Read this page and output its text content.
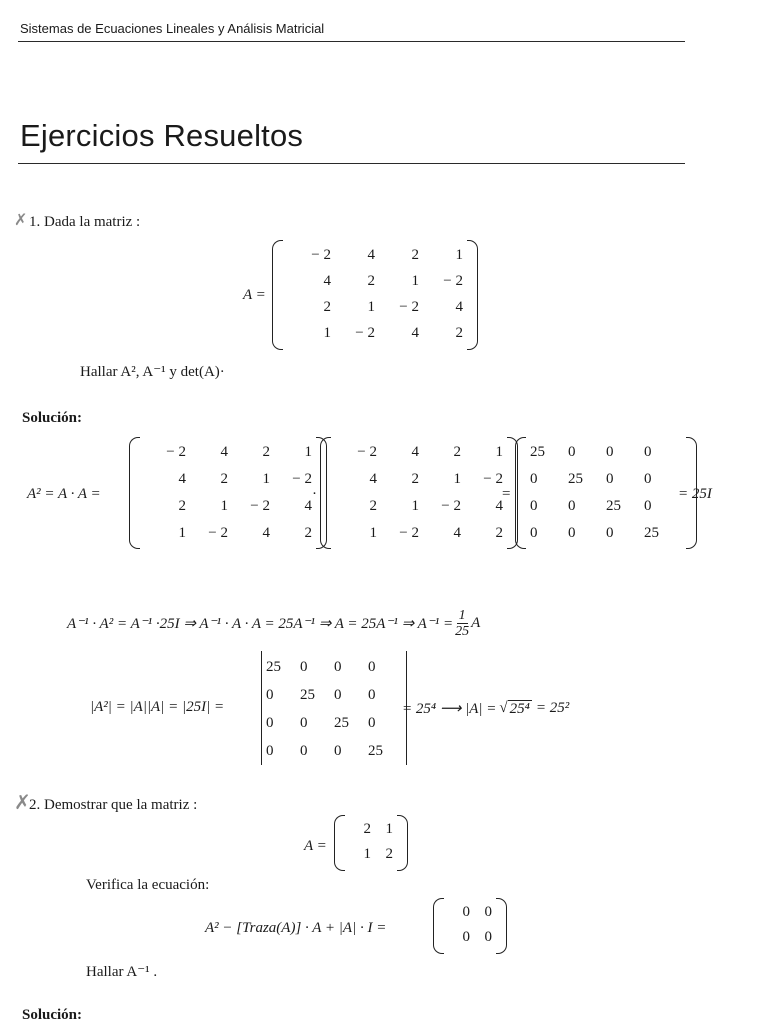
Sistemas de Ecuaciones Lineales y Análisis Matricial
Ejercicios Resueltos
✗ 1. Dada la matriz :
A =
− 2 4 2 1
4 2 1 − 2
2 1 − 2 4
1 − 2 4 2
Hallar A², A⁻¹ y det(A)·
Solución:
A² = A · A =
− 2 4 2 1
4 2 1 − 2
2 1 − 2 4
1 − 2 4 2
·
− 2 4 2 1
4 2 1 − 2
2 1 − 2 4
1 − 2 4 2
=
25 0 0 0
0 25 0 0
0 0 25 0
0 0 0 25
= 25I
A⁻¹ · A² = A⁻¹ ·25I ⇒ A⁻¹ · A · A = 25A⁻¹ ⇒ A = 25A⁻¹ ⇒ $A^{-1} = \frac{1}{25}$ A
|A²| = |A||A| = |25I| =
25 0 0 0
0 25 0 0
0 0 25 0
0 0 0 25
= 25⁴ ⟶ |A| = √ 25⁴ = 25²
✗
2. Demostrar que la matriz :
A =
2 1
1 2
Verifica la ecuación:
A² − [Traza(A)] · A + |A| · I =
0 0
0 0
Hallar A⁻¹ .
Solución:
